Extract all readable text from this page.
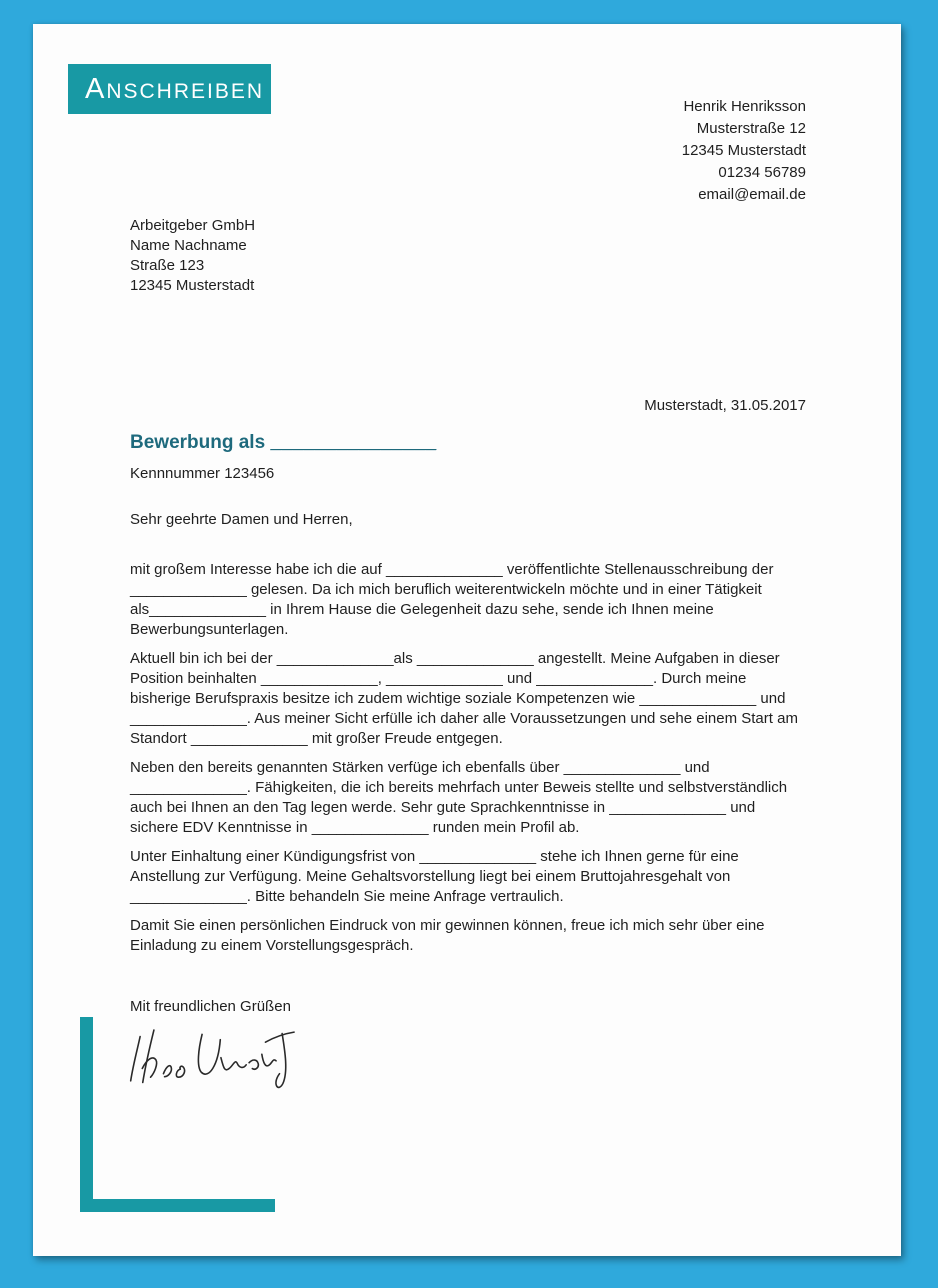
ANSCHREIBEN
Henrik Henriksson
Musterstraße 12
12345 Musterstadt
01234 56789
email@email.de
Arbeitgeber GmbH
Name Nachname
Straße 123
12345 Musterstadt
Musterstadt, 31.05.2017
Bewerbung als _______________
Kennnummer 123456
Sehr geehrte Damen und Herren,

mit großem Interesse habe ich die auf ______________ veröffentlichte Stellenausschreibung der ______________ gelesen. Da ich mich beruflich weiterentwickeln möchte und in einer Tätigkeit als______________ in Ihrem Hause die Gelegenheit dazu sehe, sende ich Ihnen meine Bewerbungsunterlagen.

Aktuell bin ich bei der ______________als ______________ angestellt. Meine Aufgaben in dieser Position beinhalten ______________, ______________ und ______________. Durch meine bisherige Berufspraxis besitze ich zudem wichtige soziale Kompetenzen wie ______________ und ______________. Aus meiner Sicht erfülle ich daher alle Voraussetzungen und sehe einem Start am Standort ______________ mit großer Freude entgegen.

Neben den bereits genannten Stärken verfüge ich ebenfalls über ______________ und ______________. Fähigkeiten, die ich bereits mehrfach unter Beweis stellte und selbstverständlich auch bei Ihnen an den Tag legen werde. Sehr gute Sprachkenntnisse in ______________ und sichere EDV Kenntnisse in ______________ runden mein Profil ab.

Unter Einhaltung einer Kündigungsfrist von ______________ stehe ich Ihnen gerne für eine Anstellung zur Verfügung. Meine Gehaltsvorstellung liegt bei einem Bruttojahresgehalt von ______________. Bitte behandeln Sie meine Anfrage vertraulich.

Damit Sie einen persönlichen Eindruck von mir gewinnen können, freue ich mich sehr über eine Einladung zu einem Vorstellungsgespräch.

Mit freundlichen Grüßen
